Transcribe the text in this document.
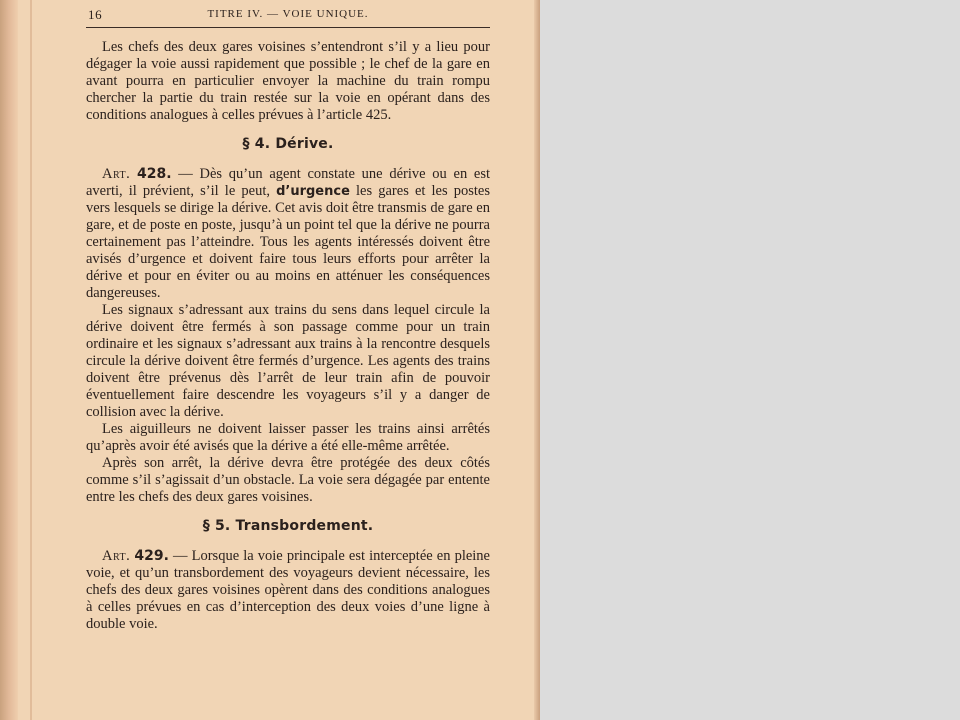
16	TITRE IV. — VOIE UNIQUE.

Les chefs des deux gares voisines s’entendront s’il y a lieu pour dégager la voie aussi rapidement que possible ; le chef de la gare en avant pourra en particulier envoyer la machine du train rompu chercher la partie du train restée sur la voie en opérant dans des conditions analogues à celles prévues à l’article 425.

§ 4. Dérive.

Art. 428. — Dès qu’un agent constate une dérive ou en est averti, il prévient, s’il le peut, d’urgence les gares et les postes vers lesquels se dirige la dérive. Cet avis doit être transmis de gare en gare, et de poste en poste, jusqu’à un point tel que la dérive ne pourra certainement pas l’atteindre. Tous les agents intéressés doivent être avisés d’urgence et doivent faire tous leurs efforts pour arrêter la dérive et pour en éviter ou au moins en atténuer les conséquences dangereuses.

Les signaux s’adressant aux trains du sens dans lequel circule la dérive doivent être fermés à son passage comme pour un train ordinaire et les signaux s’adressant aux trains à la rencontre desquels circule la dérive doivent être fermés d’urgence. Les agents des trains doivent être prévenus dès l’arrêt de leur train afin de pouvoir éventuellement faire descendre les voyageurs s’il y a danger de collision avec la dérive.

Les aiguilleurs ne doivent laisser passer les trains ainsi arrêtés qu’après avoir été avisés que la dérive a été elle-même arrêtée.

Après son arrêt, la dérive devra être protégée des deux côtés comme s’il s’agissait d’un obstacle. La voie sera dégagée par entente entre les chefs des deux gares voisines.

§ 5. Transbordement.

Art. 429. — Lorsque la voie principale est interceptée en pleine voie, et qu’un transbordement des voyageurs devient nécessaire, les chefs des deux gares voisines opèrent dans des conditions analogues à celles prévues en cas d’interception des deux voies d’une ligne à double voie.
